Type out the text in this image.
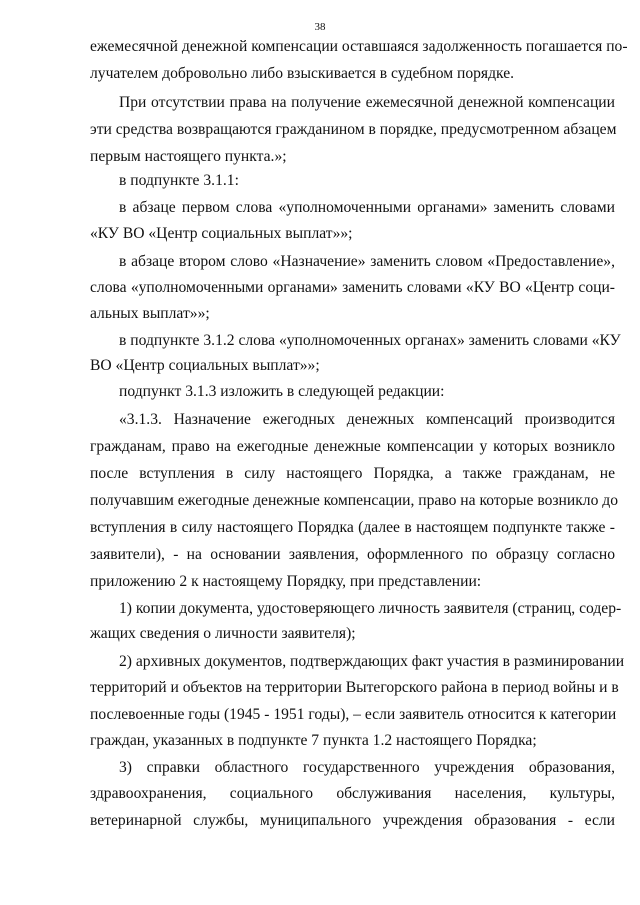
38
ежемесячной денежной компенсации оставшаяся задолженность погашается по-
лучателем добровольно либо взыскивается в судебном порядке.
При отсутствии права на получение ежемесячной денежной компенсации
эти средства возвращаются гражданином в порядке, предусмотренном абзацем
первым настоящего пункта.»;
в подпункте 3.1.1:
в абзаце первом слова «уполномоченными органами» заменить словами
«КУ ВО «Центр социальных выплат»»;
в абзаце втором слово «Назначение» заменить словом «Предоставление»,
слова «уполномоченными органами» заменить словами «КУ ВО «Центр соци-
альных выплат»»;
в подпункте 3.1.2 слова «уполномоченных органах» заменить словами «КУ
ВО «Центр социальных выплат»»;
подпункт 3.1.3 изложить в следующей редакции:
«3.1.3. Назначение ежегодных денежных компенсаций производится
гражданам, право на ежегодные денежные компенсации у которых возникло
после вступления в силу настоящего Порядка, а также гражданам, не
получавшим ежегодные денежные компенсации, право на которые возникло до
вступления в силу настоящего Порядка (далее в настоящем подпункте также -
заявители), - на основании заявления, оформленного по образцу согласно
приложению 2 к настоящему Порядку, при представлении:
1) копии документа, удостоверяющего личность заявителя (страниц, содер-
жащих сведения о личности заявителя);
2) архивных документов, подтверждающих факт участия в разминировании
территорий и объектов на территории Вытегорского района в период войны и в
послевоенные годы (1945 - 1951 годы), – если заявитель относится к категории
граждан, указанных в подпункте 7 пункта 1.2 настоящего Порядка;
3) справки областного государственного учреждения образования,
здравоохранения, социального обслуживания населения, культуры,
ветеринарной службы, муниципального учреждения образования - если
